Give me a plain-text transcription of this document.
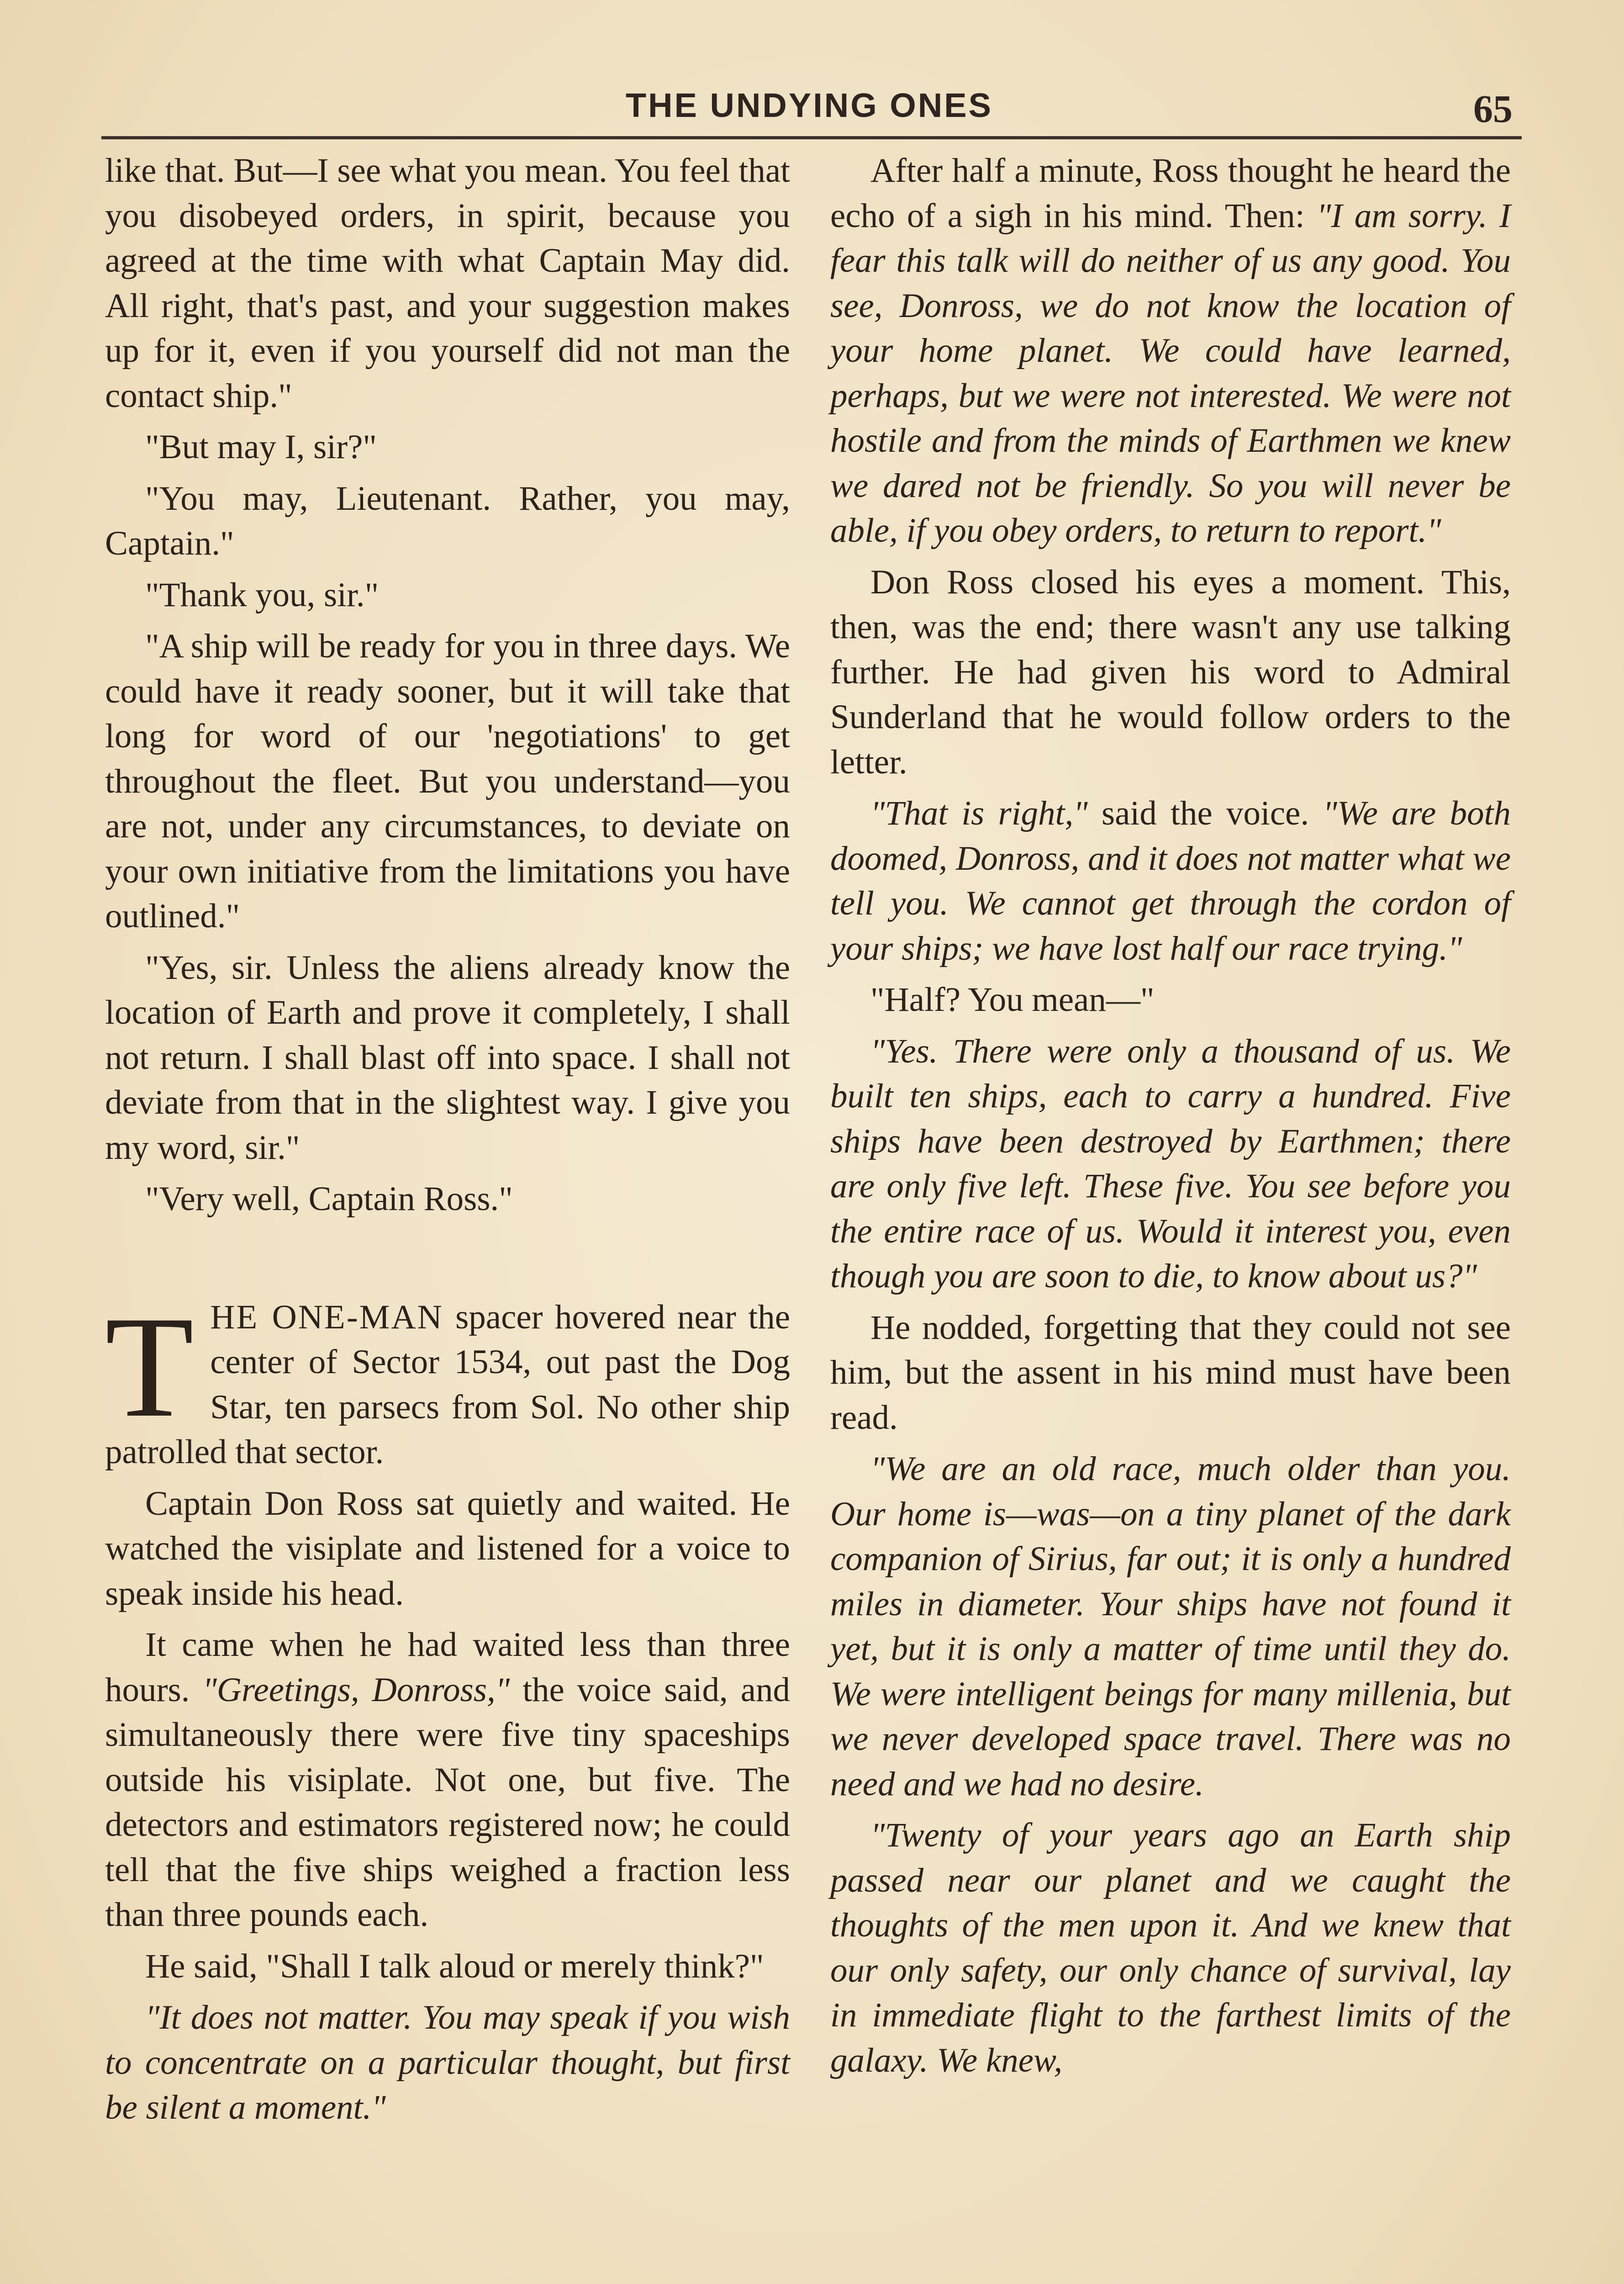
THE UNDYING ONES	65

like that. But—I see what you mean. You feel that you disobeyed orders, in spirit, because you agreed at the time with what Captain May did. All right, that's past, and your suggestion makes up for it, even if you yourself did not man the contact ship."

"But may I, sir?"

"You may, Lieutenant. Rather, you may, Captain."

"Thank you, sir."

"A ship will be ready for you in three days. We could have it ready sooner, but it will take that long for word of our 'negotiations' to get throughout the fleet. But you understand—you are not, under any circumstances, to deviate on your own initiative from the limitations you have outlined."

"Yes, sir. Unless the aliens already know the location of Earth and prove it completely, I shall not return. I shall blast off into space. I shall not deviate from that in the slightest way. I give you my word, sir."

"Very well, Captain Ross."

THE ONE-MAN spacer hovered near the center of Sector 1534, out past the Dog Star, ten parsecs from Sol. No other ship patrolled that sector.

Captain Don Ross sat quietly and waited. He watched the visiplate and listened for a voice to speak inside his head.

It came when he had waited less than three hours. "Greetings, Donross," the voice said, and simultaneously there were five tiny spaceships outside his visiplate. Not one, but five. The detectors and estimators registered now; he could tell that the five ships weighed a fraction less than three pounds each.

He said, "Shall I talk aloud or merely think?"

"It does not matter. You may speak if you wish to concentrate on a particular thought, but first be silent a moment."

After half a minute, Ross thought he heard the echo of a sigh in his mind. Then: "I am sorry. I fear this talk will do neither of us any good. You see, Donross, we do not know the location of your home planet. We could have learned, perhaps, but we were not interested. We were not hostile and from the minds of Earthmen we knew we dared not be friendly. So you will never be able, if you obey orders, to return to report."

Don Ross closed his eyes a moment. This, then, was the end; there wasn't any use talking further. He had given his word to Admiral Sunderland that he would follow orders to the letter.

"That is right," said the voice. "We are both doomed, Donross, and it does not matter what we tell you. We cannot get through the cordon of your ships; we have lost half our race trying."

"Half? You mean—"

"Yes. There were only a thousand of us. We built ten ships, each to carry a hundred. Five ships have been destroyed by Earthmen; there are only five left. These five. You see before you the entire race of us. Would it interest you, even though you are soon to die, to know about us?"

He nodded, forgetting that they could not see him, but the assent in his mind must have been read.

"We are an old race, much older than you. Our home is—was—on a tiny planet of the dark companion of Sirius, far out; it is only a hundred miles in diameter. Your ships have not found it yet, but it is only a matter of time until they do. We were intelligent beings for many millenia, but we never developed space travel. There was no need and we had no desire.

"Twenty of your years ago an Earth ship passed near our planet and we caught the thoughts of the men upon it. And we knew that our only safety, our only chance of survival, lay in immediate flight to the farthest limits of the galaxy. We knew,
